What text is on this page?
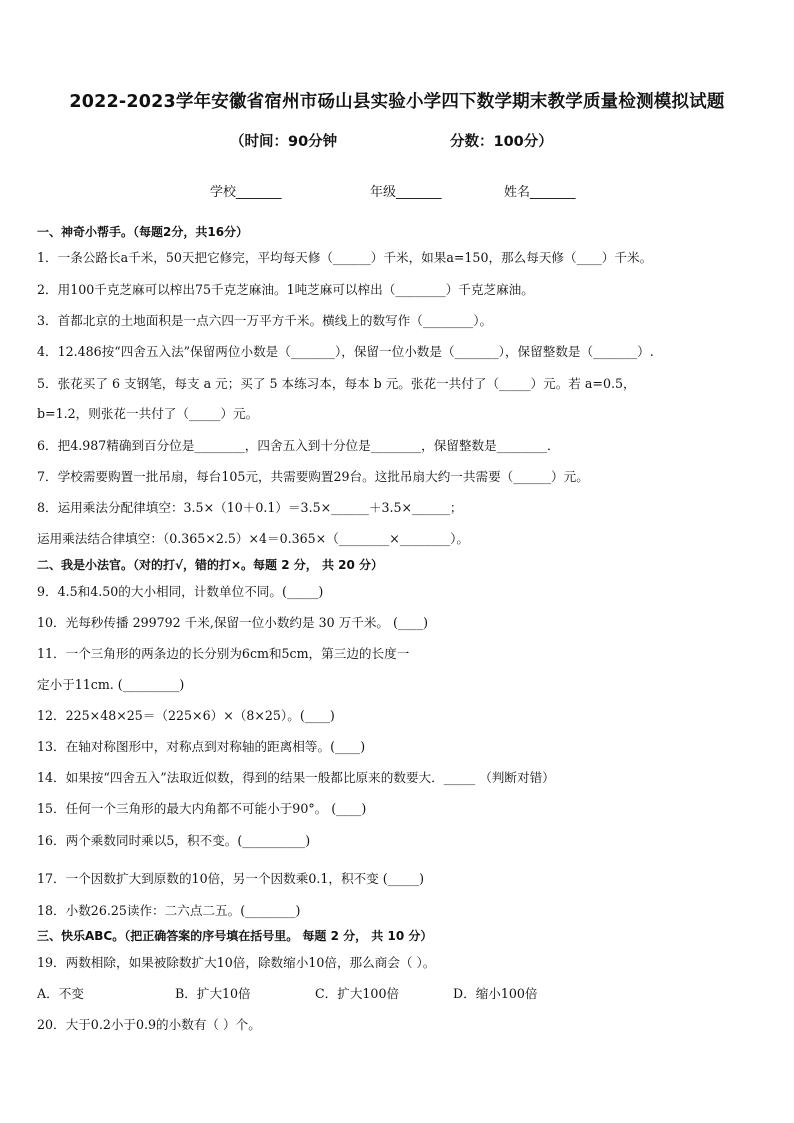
2022-2023学年安徽省宿州市砀山县实验小学四下数学期末教学质量检测模拟试题
（时间：90分钟	分数：100分）
学校_______	年级_______	姓名_______
一、神奇小帮手。（每题2分，共16分）
1．一条公路长a千米，50天把它修完，平均每天修（______）千米，如果a=150，那么每天修（____）千米。
2．用100千克芝麻可以榨出75千克芝麻油。1吨芝麻可以榨出（________）千克芝麻油。
3．首都北京的土地面积是一点六四一万平方千米。横线上的数写作（________）。
4．12.486按“四舍五入法”保留两位小数是（_______），保留一位小数是（_______），保留整数是（_______）.
5．张花买了 6 支钢笔，每支 a 元；买了 5 本练习本，每本 b 元。张花一共付了（_____）元。若 a=0.5，
b=1.2，则张花一共付了（_____）元。
6．把4.987精确到百分位是________，四舍五入到十分位是________，保留整数是________．
7．学校需要购置一批吊扇，每台105元，共需要购置29台。这批吊扇大约一共需要（______）元。
8．运用乘法分配律填空：3.5×（10＋0.1）＝3.5×______＋3.5×______；
运用乘法结合律填空：（0.365×2.5）×4＝0.365×（________×________）。
二、我是小法官。（对的打√，错的打×。每题 2 分， 共 20 分）
9．4.5和4.50的大小相同，计数单位不同。(_____)
10．光每秒传播 299792 千米,保留一位小数约是 30 万千米。 (____)
11．一个三角形的两条边的长分别为6cm和5cm，第三边的长度一
定小于11cm. (_________)
12．225×48×25＝（225×6）×（8×25）。(____)
13．在轴对称图形中，对称点到对称轴的距离相等。(____)
14．如果按“四舍五入”法取近似数，得到的结果一般都比原来的数要大．_____ （判断对错）
15．任何一个三角形的最大内角都不可能小于90°。 (____)
16．两个乘数同时乘以5，积不变。(__________)
17．一个因数扩大到原数的10倍，另一个因数乘0.1，积不变 (_____)
18．小数26.25读作：二六点二五。(________)
三、快乐ABC。（把正确答案的序号填在括号里。 每题 2 分， 共 10 分）
19．两数相除，如果被除数扩大10倍，除数缩小10倍，那么商会（ ）。
A．不变	B．扩大10倍	C．扩大100倍	D．缩小100倍
20．大于0.2小于0.9的小数有（ ）个。
